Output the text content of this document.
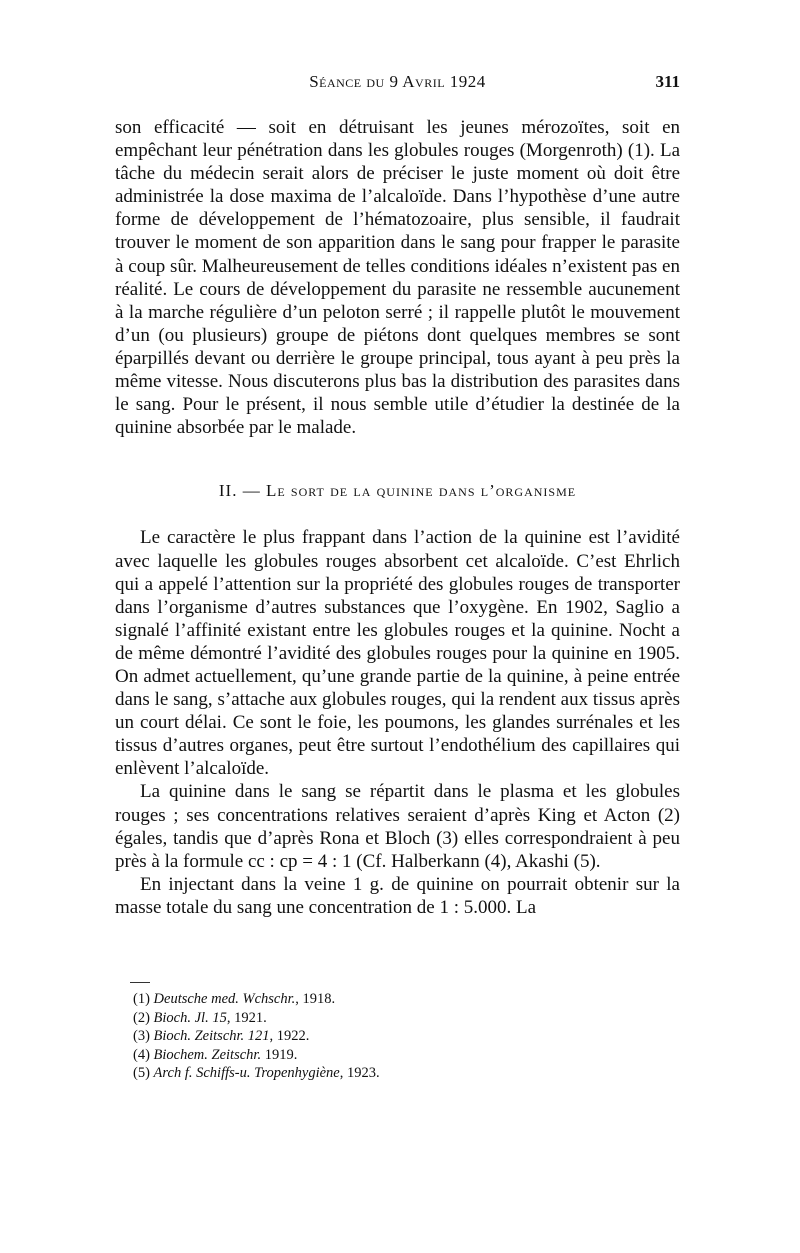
Séance du 9 Avril 1924	311

son efficacité — soit en détruisant les jeunes mérozoïtes, soit en empêchant leur pénétration dans les globules rouges (Morgenroth) (1). La tâche du médecin serait alors de préciser le juste moment où doit être administrée la dose maxima de l’alcaloïde. Dans l’hypothèse d’une autre forme de développement de l’hématozoaire, plus sensible, il faudrait trouver le moment de son apparition dans le sang pour frapper le parasite à coup sûr. Malheureusement de telles conditions idéales n’existent pas en réalité. Le cours de développement du parasite ne ressemble aucunement à la marche régulière d’un peloton serré ; il rappelle plutôt le mouvement d’un (ou plusieurs) groupe de piétons dont quelques membres se sont éparpillés devant ou derrière le groupe principal, tous ayant à peu près la même vitesse. Nous discuterons plus bas la distribution des parasites dans le sang. Pour le présent, il nous semble utile d’étudier la destinée de la quinine absorbée par le malade.

II. — Le sort de la quinine dans l’organisme

Le caractère le plus frappant dans l’action de la quinine est l’avidité avec laquelle les globules rouges absorbent cet alcaloïde. C’est Ehrlich qui a appelé l’attention sur la propriété des globules rouges de transporter dans l’organisme d’autres substances que l’oxygène. En 1902, Saglio a signalé l’affinité existant entre les globules rouges et la quinine. Nocht a de même démontré l’avidité des globules rouges pour la quinine en 1905. On admet actuellement, qu’une grande partie de la quinine, à peine entrée dans le sang, s’attache aux globules rouges, qui la rendent aux tissus après un court délai. Ce sont le foie, les poumons, les glandes surrénales et les tissus d’autres organes, peut être surtout l’endothélium des capillaires qui enlèvent l’alcaloïde.

La quinine dans le sang se répartit dans le plasma et les globules rouges ; ses concentrations relatives seraient d’après King et Acton (2) égales, tandis que d’après Rona et Bloch (3) elles correspondraient à peu près à la formule cc : cp = 4 : 1 (Cf. Halberkann (4), Akashi (5).

En injectant dans la veine 1 g. de quinine on pourrait obtenir sur la masse totale du sang une concentration de 1 : 5.000. La

(1) Deutsche med. Wchschr., 1918.
(2) Bioch. Jl. 15, 1921.
(3) Bioch. Zeitschr. 121, 1922.
(4) Biochem. Zeitschr. 1919.
(5) Arch f. Schiffs-u. Tropenhygiène, 1923.
